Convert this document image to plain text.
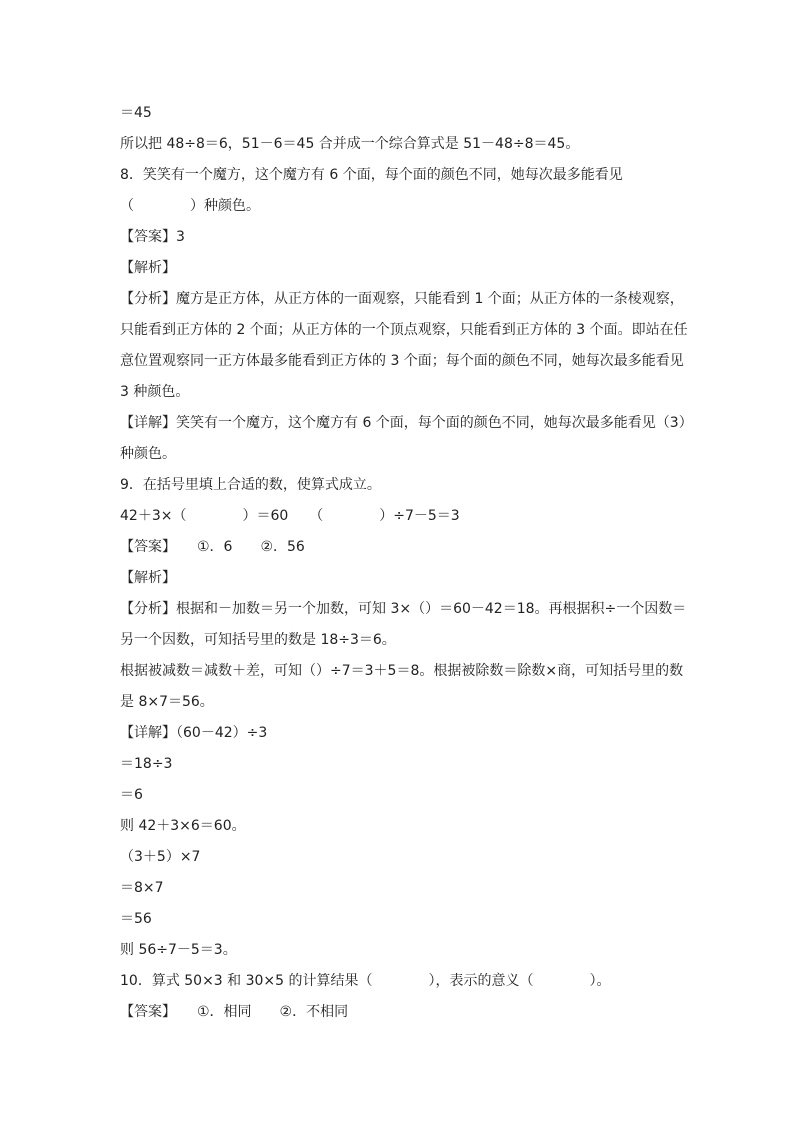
＝45
所以把 48÷8＝6，51－6＝45 合并成一个综合算式是 51－48÷8＝45。
8．笑笑有一个魔方，这个魔方有 6 个面，每个面的颜色不同，她每次最多能看见
（　　　　）种颜色。
【答案】3
【解析】
【分析】魔方是正方体，从正方体的一面观察，只能看到 1 个面；从正方体的一条棱观察，
只能看到正方体的 2 个面；从正方体的一个顶点观察，只能看到正方体的 3 个面。即站在任
意位置观察同一正方体最多能看到正方体的 3 个面；每个面的颜色不同，她每次最多能看见
3 种颜色。
【详解】笑笑有一个魔方，这个魔方有 6 个面，每个面的颜色不同，她每次最多能看见（3）
种颜色。
9．在括号里填上合适的数，使算式成立。
42＋3×（　　　　）＝60　　（　　　　）÷7－5＝3
【答案】　　①．6　　②．56
【解析】
【分析】根据和－加数＝另一个加数，可知 3×（）＝60－42＝18。再根据积÷一个因数＝
另一个因数，可知括号里的数是 18÷3＝6。
根据被减数＝减数＋差，可知（）÷7＝3＋5＝8。根据被除数＝除数×商，可知括号里的数
是 8×7＝56。
【详解】（60－42）÷3
＝18÷3
＝6
则 42＋3×6＝60。
（3＋5）×7
＝8×7
＝56
则 56÷7－5＝3。
10．算式 50×3 和 30×5 的计算结果（　　　　），表示的意义（　　　　）。
【答案】　　①．相同　　②．不相同
